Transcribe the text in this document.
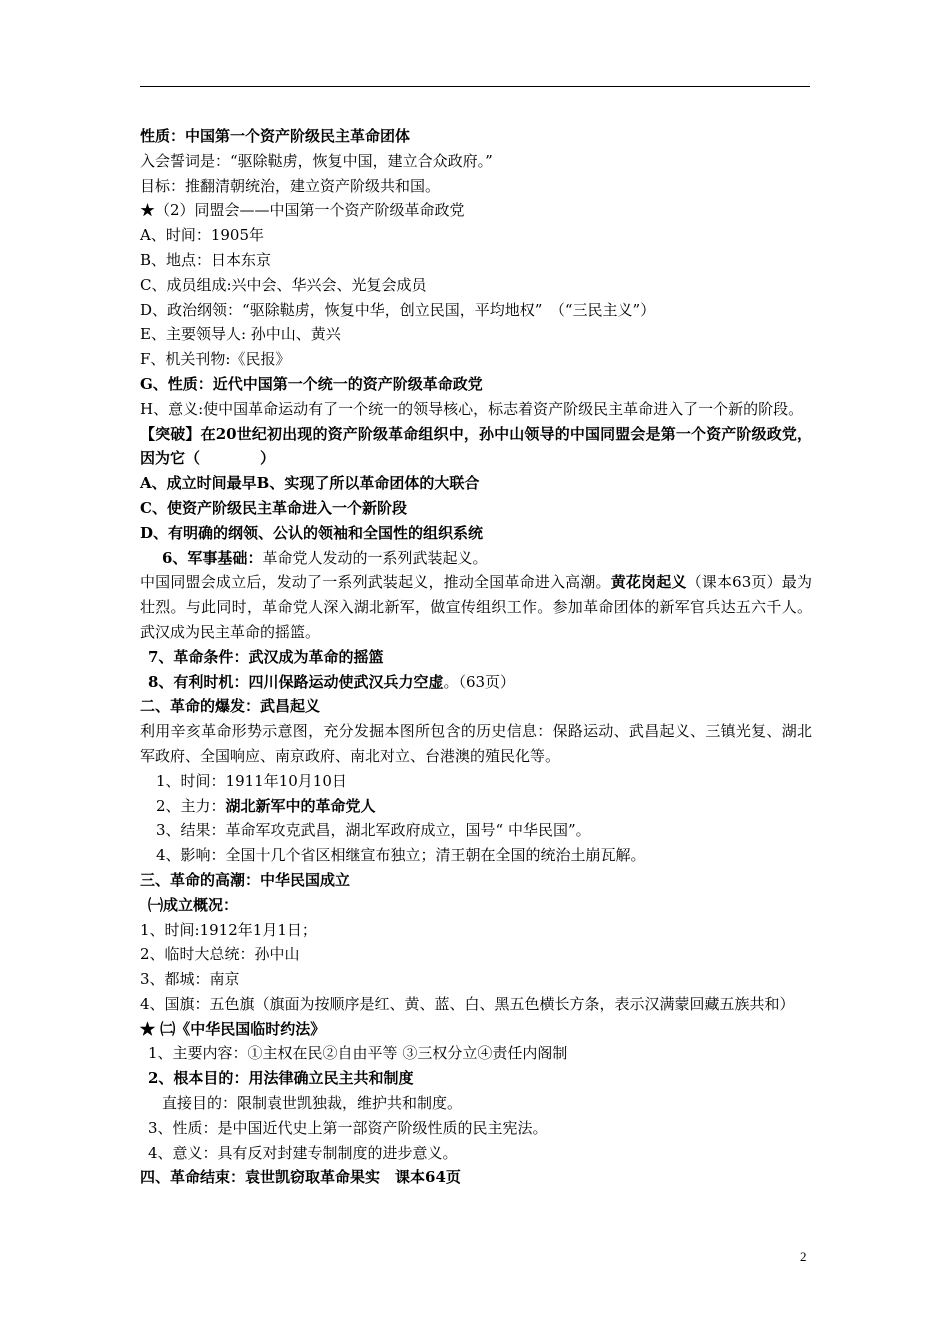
性质：中国第一个资产阶级民主革命团体
入会誓词是：“驱除鞑虏，恢复中国，建立合众政府。”
目标：推翻清朝统治，建立资产阶级共和国。
★（2）同盟会——中国第一个资产阶级革命政党
A、时间：1905年
B、地点：日本东京
C、成员组成:兴中会、华兴会、光复会成员
D、政治纲领：“驱除鞑虏，恢复中华，创立民国，平均地权”　（“三民主义”）
E、主要领导人: 孙中山、黄兴
F、机关刊物:《民报》
G、性质：近代中国第一个统一的资产阶级革命政党
H、意义:使中国革命运动有了一个统一的领导核心，标志着资产阶级民主革命进入了一个新的阶段。
【突破】在20世纪初出现的资产阶级革命组织中，孙中山领导的中国同盟会是第一个资产阶级政党，因为它（　　　　）
A、成立时间最早B、实现了所以革命团体的大联合
C、使资产阶级民主革命进入一个新阶段
D、有明确的纲领、公认的领袖和全国性的组织系统
6、军事基础：革命党人发动的一系列武装起义。
中国同盟会成立后，发动了一系列武装起义，推动全国革命进入高潮。黄花岗起义（课本63页）最为壮烈。与此同时，革命党人深入湖北新军，做宣传组织工作。参加革命团体的新军官兵达五六千人。武汉成为民主革命的摇篮。
7、革命条件：武汉成为革命的摇篮
8、有利时机：四川保路运动使武汉兵力空虚。（63页）
二、革命的爆发：武昌起义
利用辛亥革命形势示意图，充分发掘本图所包含的历史信息：保路运动、武昌起义、三镇光复、湖北军政府、全国响应、南京政府、南北对立、台港澳的殖民化等。
1、时间：1911年10月10日
2、主力：湖北新军中的革命党人
3、结果：革命军攻克武昌，湖北军政府成立，国号“ 中华民国”。
4、影响：全国十几个省区相继宣布独立；清王朝在全国的统治土崩瓦解。
三、革命的高潮：中华民国成立
㈠成立概况：
1、时间:1912年1月1日；
2、临时大总统：孙中山
3、都城：南京
4、国旗：五色旗（旗面为按顺序是红、黄、蓝、白、黑五色横长方条，表示汉满蒙回藏五族共和）
★ ㈡《中华民国临时约法》
1、主要内容：①主权在民②自由平等 ③三权分立④责任内阁制
2、根本目的：用法律确立民主共和制度
直接目的：限制袁世凯独裁，维护共和制度。
3、性质：是中国近代史上第一部资产阶级性质的民主宪法。
4、意义：具有反对封建专制制度的进步意义。
四、革命结束：袁世凯窃取革命果实　课本64页
2
